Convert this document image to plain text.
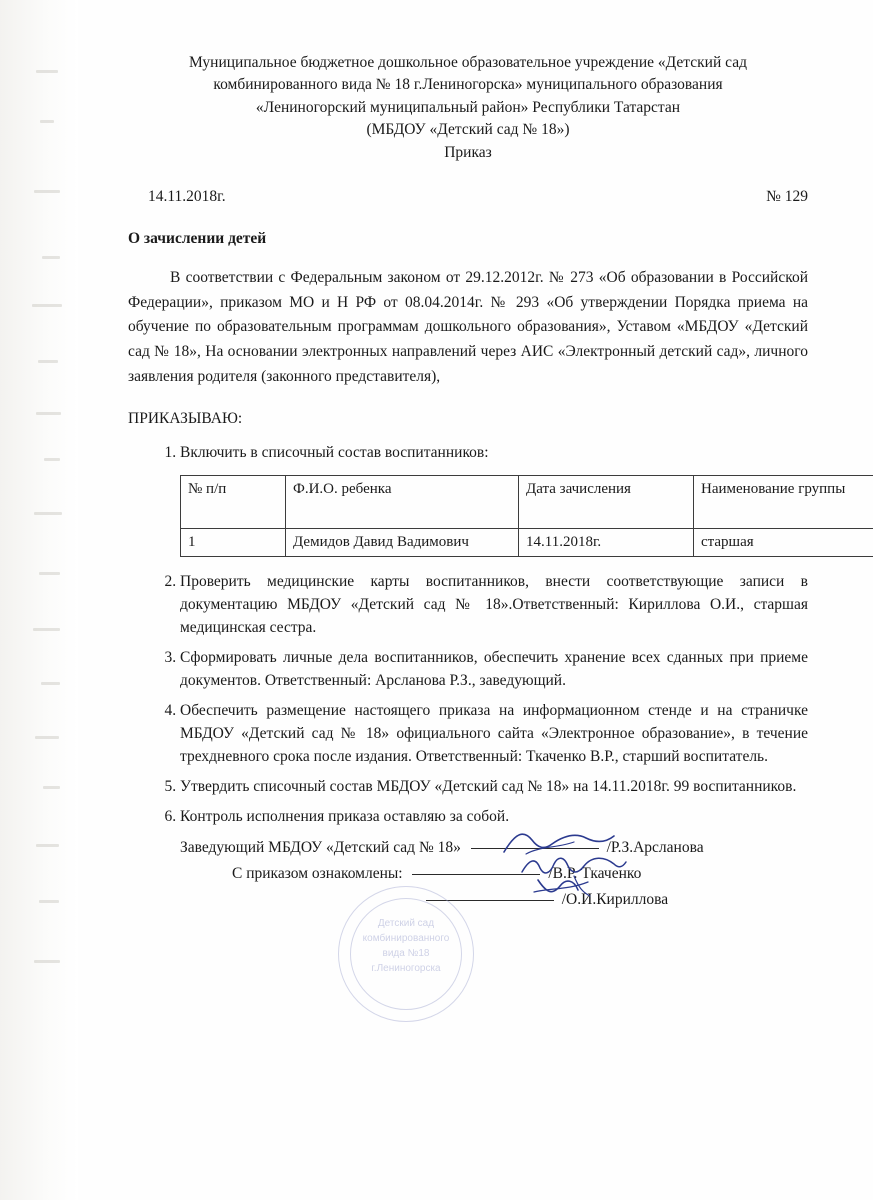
Муниципальное бюджетное дошкольное образовательное учреждение «Детский сад
комбинированного вида № 18 г.Лениногорска» муниципального образования
«Лениногорский муниципальный район» Республики Татарстан
(МБДОУ «Детский сад № 18»)
Приказ
14.11.2018г.	№ 129
О зачислении детей
В соответствии с Федеральным законом от 29.12.2012г. № 273 «Об образовании в Российской Федерации», приказом МО и Н РФ от 08.04.2014г. № 293 «Об утверждении Порядка приема на обучение по образовательным программам дошкольного образования», Уставом «МБДОУ «Детский сад № 18», На основании электронных направлений через АИС «Электронный детский сад», личного заявления родителя (законного представителя),
ПРИКАЗЫВАЮ:
1. Включить в списочный состав воспитанников:
№ п/п	Ф.И.О. ребенка	Дата зачисления	Наименование группы
1	Демидов Давид Вадимович	14.11.2018г.	старшая
2. Проверить медицинские карты воспитанников, внести соответствующие записи в документацию МБДОУ «Детский сад № 18».Ответственный: Кириллова О.И., старшая медицинская сестра.
3. Сформировать личные дела воспитанников, обеспечить хранение всех сданных при приеме документов. Ответственный: Арсланова Р.З., заведующий.
4. Обеспечить размещение настоящего приказа на информационном стенде и на страничке МБДОУ «Детский сад № 18» официального сайта «Электронное образование», в течение трехдневного срока после издания. Ответственный: Ткаченко В.Р., старший воспитатель.
5. Утвердить списочный состав МБДОУ «Детский сад № 18» на 14.11.2018г. 99 воспитанников.
6. Контроль исполнения приказа оставляю за собой.
Заведующий МБДОУ «Детский сад № 18»	/Р.З.Арсланова
С приказом ознакомлены:	/В.Р. Ткаченко
/О.И.Кириллова
Детский сад
комбинированного
вида №18
г.Лениногорска
